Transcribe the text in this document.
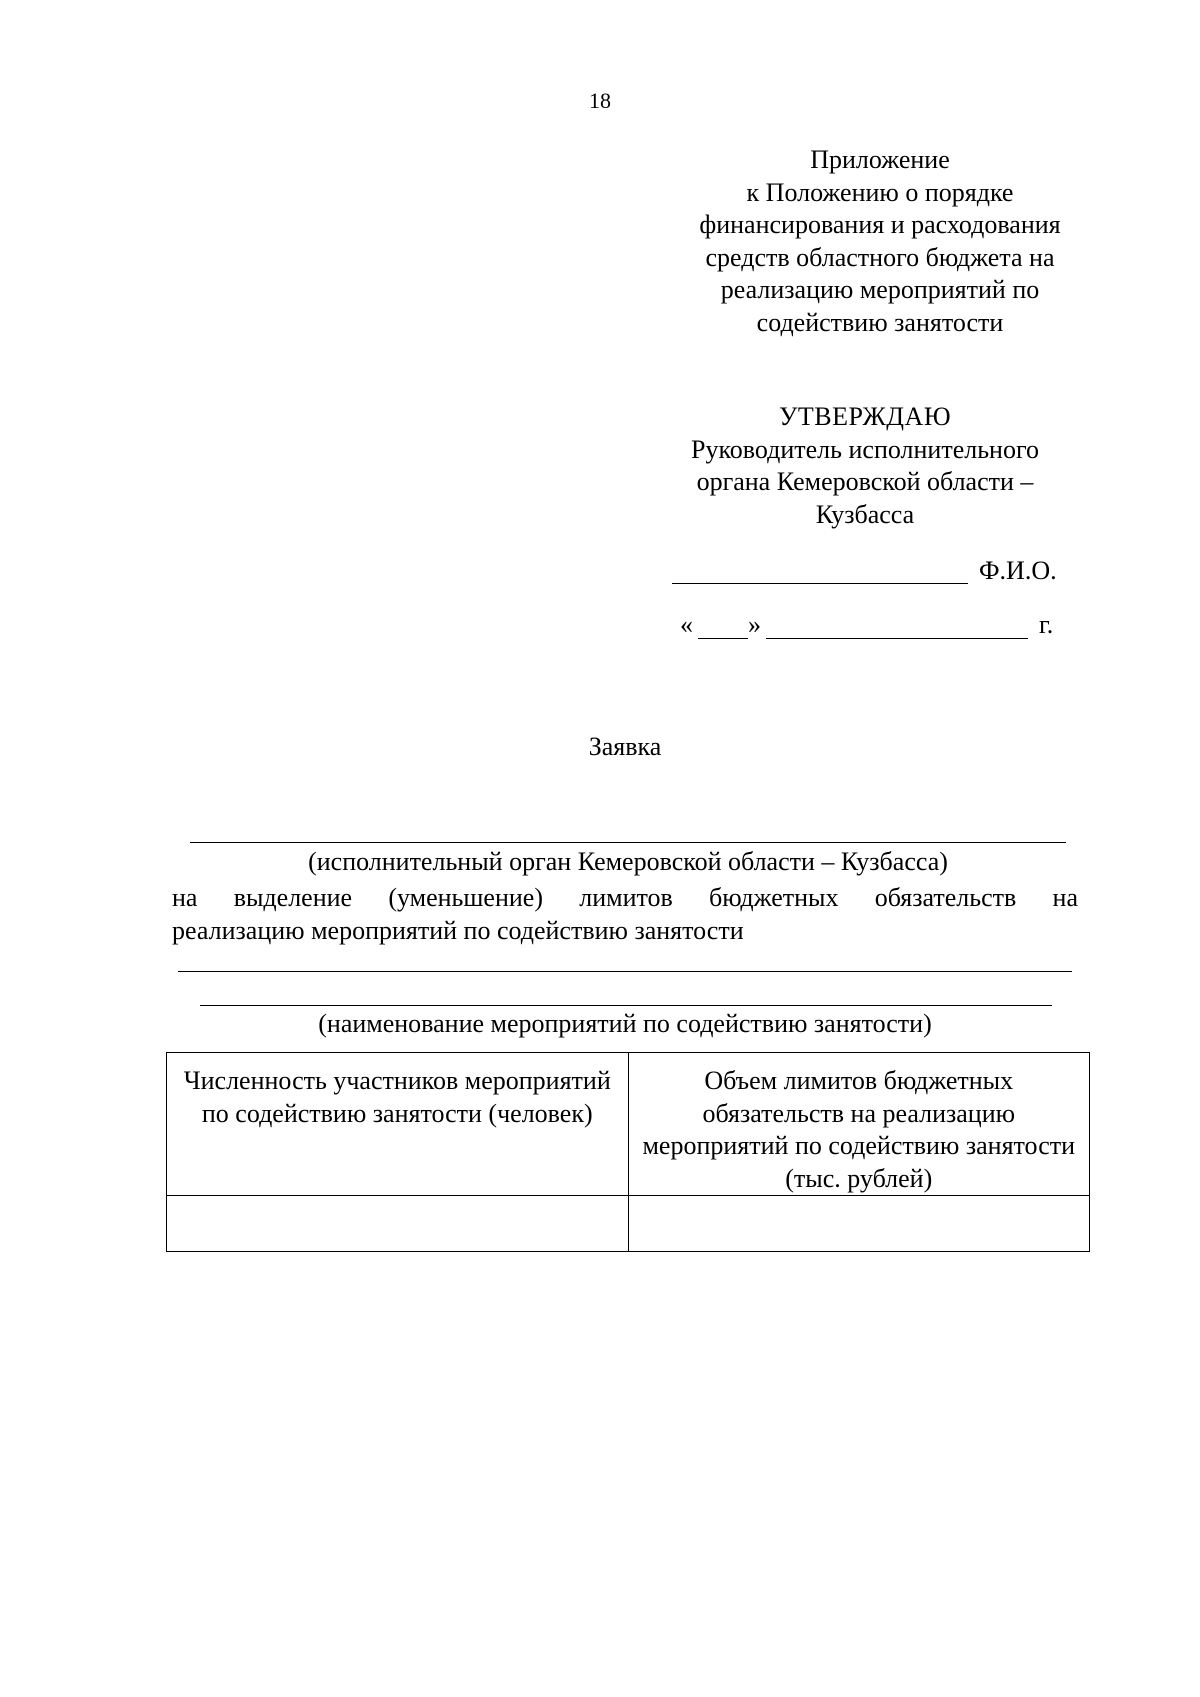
18
Приложение
к Положению о порядке
финансирования и расходования
средств областного бюджета на
реализацию мероприятий по
содействию занятости
УТВЕРЖДАЮ
Руководитель исполнительного
органа Кемеровской области –
Кузбасса
Ф.И.О.
« »	г.
Заявка
(исполнительный орган Кемеровской области – Кузбасса)
на выделение (уменьшение) лимитов бюджетных обязательств на
реализацию мероприятий по содействию занятости
(наименование мероприятий по содействию занятости)
Численность участников мероприятий по содействию занятости (человек)	Объем лимитов бюджетных обязательств на реализацию мероприятий по содействию занятости (тыс. рублей)
